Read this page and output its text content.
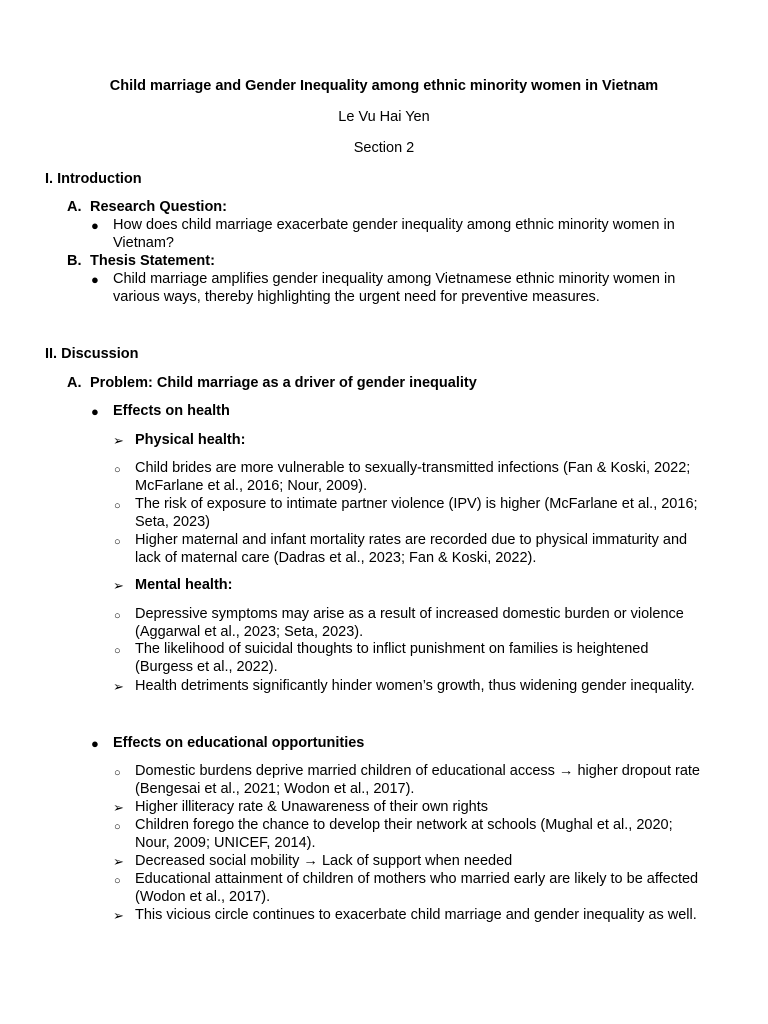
Child marriage and Gender Inequality among ethnic minority women in Vietnam
Le Vu Hai Yen
Section 2
I. Introduction
A. Research Question:
● How does child marriage exacerbate gender inequality among ethnic minority women in
Vietnam?
B. Thesis Statement:
● Child marriage amplifies gender inequality among Vietnamese ethnic minority women in
various ways, thereby highlighting the urgent need for preventive measures.
II. Discussion
A. Problem: Child marriage as a driver of gender inequality
● Effects on health
➢ Physical health:
○ Child brides are more vulnerable to sexually-transmitted infections (Fan & Koski, 2022;
McFarlane et al., 2016; Nour, 2009).
○ The risk of exposure to intimate partner violence (IPV) is higher (McFarlane et al., 2016;
Seta, 2023)
○ Higher maternal and infant mortality rates are recorded due to physical immaturity and
lack of maternal care (Dadras et al., 2023; Fan & Koski, 2022).
➢ Mental health:
○ Depressive symptoms may arise as a result of increased domestic burden or violence
(Aggarwal et al., 2023; Seta, 2023).
○ The likelihood of suicidal thoughts to inflict punishment on families is heightened
(Burgess et al., 2022).
➢ Health detriments significantly hinder women’s growth, thus widening gender inequality.
● Effects on educational opportunities
○ Domestic burdens deprive married children of educational access → higher dropout rate
(Bengesai et al., 2021; Wodon et al., 2017).
➢ Higher illiteracy rate & Unawareness of their own rights
○ Children forego the chance to develop their network at schools (Mughal et al., 2020;
Nour, 2009; UNICEF, 2014).
➢ Decreased social mobility → Lack of support when needed
○ Educational attainment of children of mothers who married early are likely to be affected
(Wodon et al., 2017).
➢ This vicious circle continues to exacerbate child marriage and gender inequality as well.
